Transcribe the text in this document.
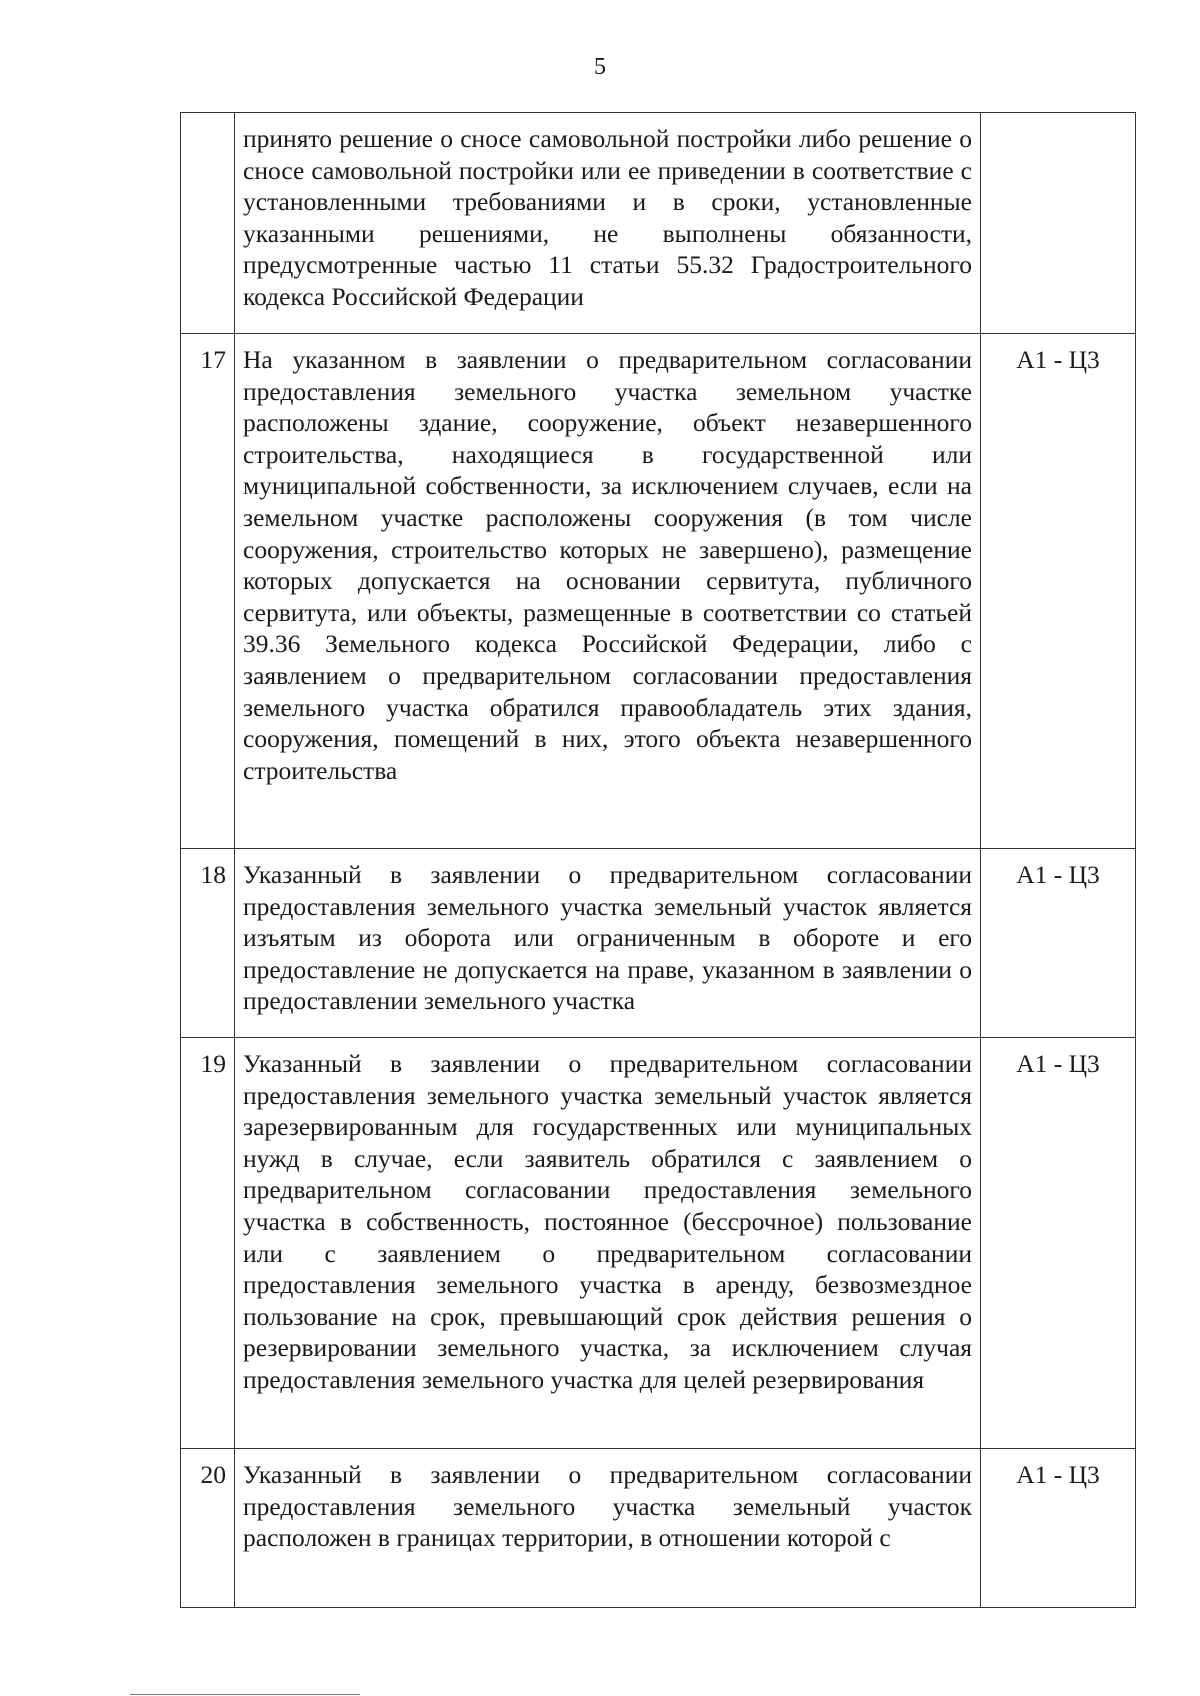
5
	принято решение о сносе самовольной постройки либо решение о сносе самовольной постройки или ее приведении в соответствие с установленными требованиями и в сроки, установленные указанными решениями, не выполнены обязанности, предусмотренные частью 11 статьи 55.32 Градостроительного кодекса Российской Федерации	
17	На указанном в заявлении о предварительном согласовании предоставления земельного участка земельном участке расположены здание, сооружение, объект незавершенного строительства, находящиеся в государственной или муниципальной собственности, за исключением случаев, если на земельном участке расположены сооружения (в том числе сооружения, строительство которых не завершено), размещение которых допускается на основании сервитута, публичного сервитута, или объекты, размещенные в соответствии со статьей 39.36 Земельного кодекса Российской Федерации, либо с заявлением о предварительном согласовании предоставления земельного участка обратился правообладатель этих здания, сооружения, помещений в них, этого объекта незавершенного строительства	А1 - Ц3
18	Указанный в заявлении о предварительном согласовании предоставления земельного участка земельный участок является изъятым из оборота или ограниченным в обороте и его предоставление не допускается на праве, указанном в заявлении о предоставлении земельного участка	А1 - Ц3
19	Указанный в заявлении о предварительном согласовании предоставления земельного участка земельный участок является зарезервированным для государственных или муниципальных нужд в случае, если заявитель обратился с заявлением о предварительном согласовании предоставления земельного участка в собственность, постоянное (бессрочное) пользование или с заявлением о предварительном согласовании предоставления земельного участка в аренду, безвозмездное пользование на срок, превышающий срок действия решения о резервировании земельного участка, за исключением случая предоставления земельного участка для целей резервирования	А1 - Ц3
20	Указанный в заявлении о предварительном согласовании предоставления земельного участка земельный участок расположен в границах территории, в отношении которой с	А1 - Ц3
